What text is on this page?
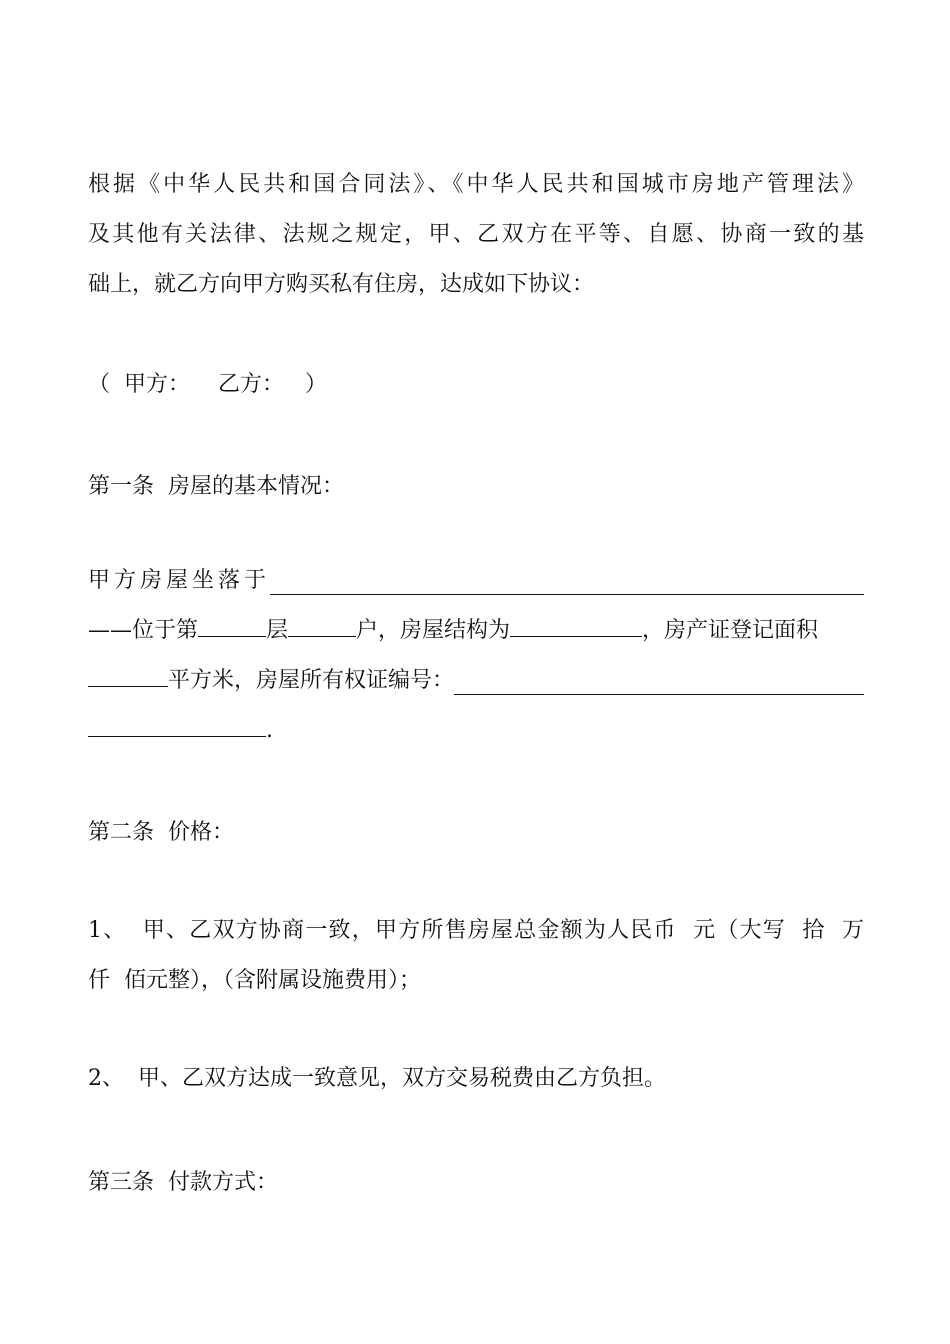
根据《中华人民共和国合同法》、《中华人民共和国城市房地产管理法》
及其他有关法律、法规之规定，甲、乙双方在平等、自愿、协商一致的基
础上，就乙方向甲方购买私有住房，达成如下协议：
（  甲方：    乙方：   ）
第一条  房屋的基本情况：
甲方房屋坐落于
——位于第	层	户，房屋结构为	，房产证登记面积
平方米，房屋所有权证编号：
.
第二条  价格：
1、  甲、乙双方协商一致，甲方所售房屋总金额为人民币  元（大写  拾  万
仟  佰元整），（含附属设施费用）；
2、  甲、乙双方达成一致意见，双方交易税费由乙方负担。
第三条  付款方式：
